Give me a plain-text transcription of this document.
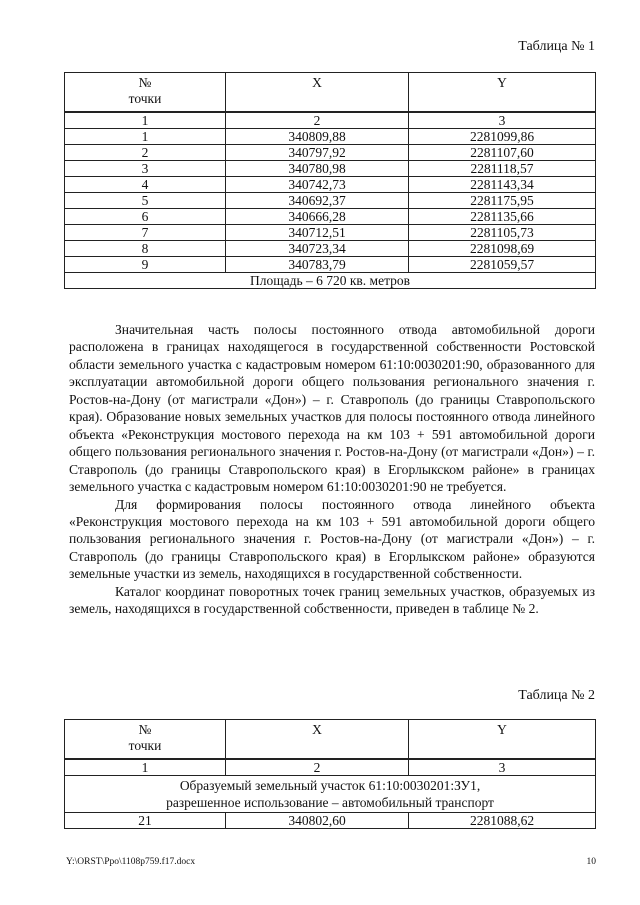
Таблица № 1
№
точки	X	Y
1	2	3
1	340809,88	2281099,86
2	340797,92	2281107,60
3	340780,98	2281118,57
4	340742,73	2281143,34
5	340692,37	2281175,95
6	340666,28	2281135,66
7	340712,51	2281105,73
8	340723,34	2281098,69
9	340783,79	2281059,57
Площадь – 6 720 кв. метров		

Значительная часть полосы постоянного отвода автомобильной дороги расположена в границах находящегося в государственной собственности Ростовской области земельного участка с кадастровым номером 61:10:0030201:90, образованного для эксплуатации автомобильной дороги общего пользования регионального значения г. Ростов-на-Дону (от магистрали «Дон») – г. Ставрополь (до границы Ставропольского края). Образование новых земельных участков для полосы постоянного отвода линейного объекта «Реконструкция мостового перехода на км 103 + 591 автомобильной дороги общего пользования регионального значения г. Ростов-на-Дону (от магистрали «Дон») – г. Ставрополь (до границы Ставропольского края) в Егорлыкском районе» в границах земельного участка с кадастровым номером 61:10:0030201:90 не требуется.

Для формирования полосы постоянного отвода линейного объекта «Реконструкция мостового перехода на км 103 + 591 автомобильной дороги общего пользования регионального значения г. Ростов-на-Дону (от магистрали «Дон») – г. Ставрополь (до границы Ставропольского края) в Егорлыкском районе» образуются земельные участки из земель, находящихся в государственной собственности.

Каталог координат поворотных точек границ земельных участков, образуемых из земель, находящихся в государственной собственности, приведен в таблице № 2.

Таблица № 2
№
точки	X	Y
1	2	3
Образуемый земельный участок 61:10:0030201:ЗУ1,
разрешенное использование – автомобильный транспорт		
21	340802,60	2281088,62
Y:\ORST\Ppo\1108p759.f17.docx	10
